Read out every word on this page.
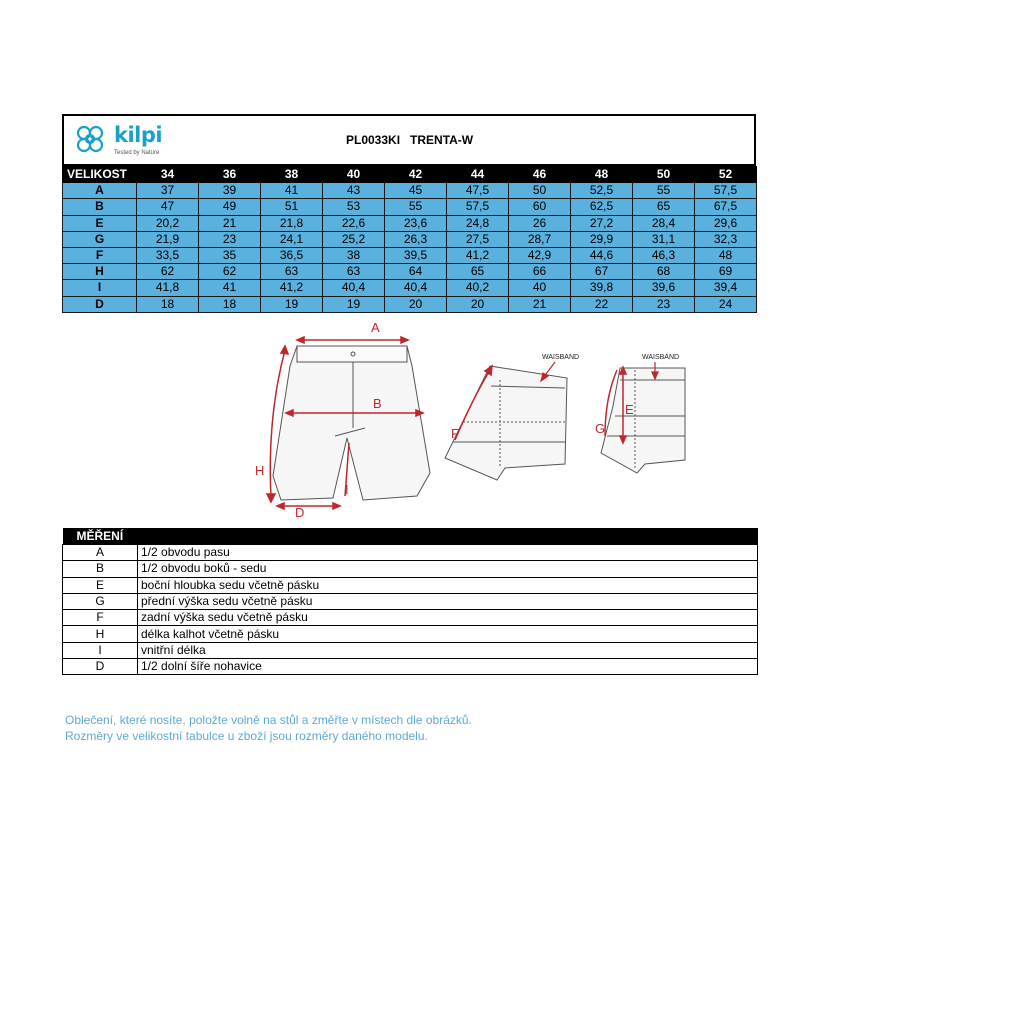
kilpi
Tested by Nature
PL0033KI   TRENTA-W
VELIKOST	34	36	38	40	42	44	46	48	50	52
A	37	39	41	43	45	47,5	50	52,5	55	57,5
B	47	49	51	53	55	57,5	60	62,5	65	67,5
E	20,2	21	21,8	22,6	23,6	24,8	26	27,2	28,4	29,6
G	21,9	23	24,1	25,2	26,3	27,5	28,7	29,9	31,1	32,3
F	33,5	35	36,5	38	39,5	41,2	42,9	44,6	46,3	48
H	62	62	63	63	64	65	66	67	68	69
I	41,8	41	41,2	40,4	40,4	40,2	40	39,8	39,6	39,4
D	18	18	19	19	20	20	21	22	23	24
A
B
H
I
D
WAISBAND
F
WAISBAND
E
G
MĚŘENÍ	
A	1/2 obvodu pasu
B	1/2 obvodu boků - sedu
E	boční hloubka sedu včetně pásku
G	přední výška sedu včetně pásku
F	zadní výška sedu včetně pásku
H	délka kalhot včetně pásku
I	vnitřní délka
D	1/2 dolní šíře nohavice
Oblečení, které nosíte, položte volně na stůl a změřte v místech dle obrázků.
Rozměry ve velikostní tabulce u zboží jsou rozměry daného modelu.
